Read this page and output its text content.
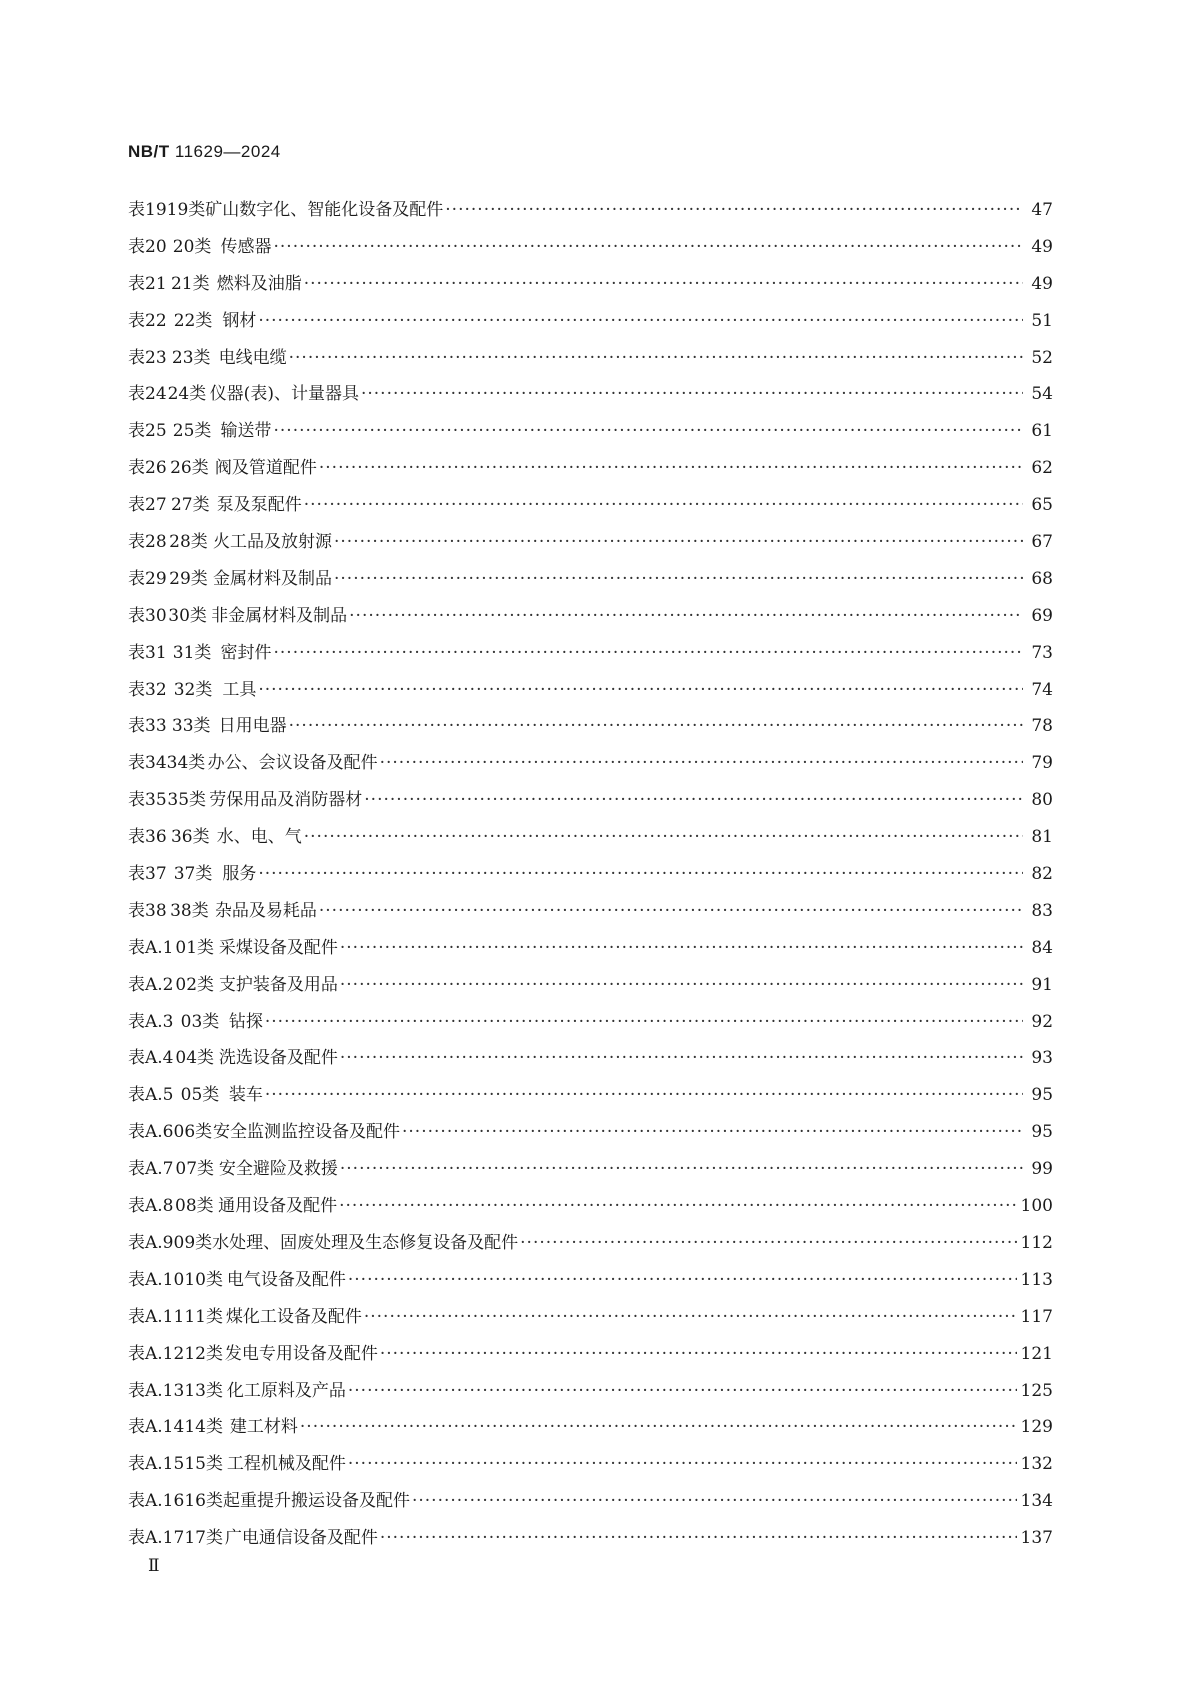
NB/T 11629—2024
表19 19类 矿山数字化、智能化设备及配件 ·····	47
表20 20类 传感器 ·····	49
表21 21类 燃料及油脂 ·····	49
表22 22类 钢材 ·····	51
表23 23类 电线电缆 ·····	52
表24 24类 仪器(表)、计量器具 ·····	54
表25 25类 输送带 ·····	61
表26 26类 阀及管道配件 ·····	62
表27 27类 泵及泵配件 ·····	65
表28 28类 火工品及放射源 ·····	67
表29 29类 金属材料及制品 ·····	68
表30 30类 非金属材料及制品 ·····	69
表31 31类 密封件 ·····	73
表32 32类 工具 ·····	74
表33 33类 日用电器 ·····	78
表34 34类 办公、会议设备及配件 ·····	79
表35 35类 劳保用品及消防器材 ·····	80
表36 36类 水、电、气 ·····	81
表37 37类 服务 ·····	82
表38 38类 杂品及易耗品 ·····	83
表A.1 01类 采煤设备及配件 ·····	84
表A.2 02类 支护装备及用品 ·····	91
表A.3 03类 钻探 ·····	92
表A.4 04类 洗选设备及配件 ·····	93
表A.5 05类 装车 ·····	95
表A.6 06类 安全监测监控设备及配件 ·····	95
表A.7 07类 安全避险及救援 ·····	99
表A.8 08类 通用设备及配件 ·····	100
表A.9 09类 水处理、固废处理及生态修复设备及配件 ·····	112
表A.10 10类 电气设备及配件 ·····	113
表A.11 11类 煤化工设备及配件 ·····	117
表A.12 12类 发电专用设备及配件 ·····	121
表A.13 13类 化工原料及产品 ·····	125
表A.14 14类 建工材料 ·····	129
表A.15 15类 工程机械及配件 ·····	132
表A.16 16类 起重提升搬运设备及配件 ·····	134
表A.17 17类 广电通信设备及配件 ·····	137
Ⅱ
